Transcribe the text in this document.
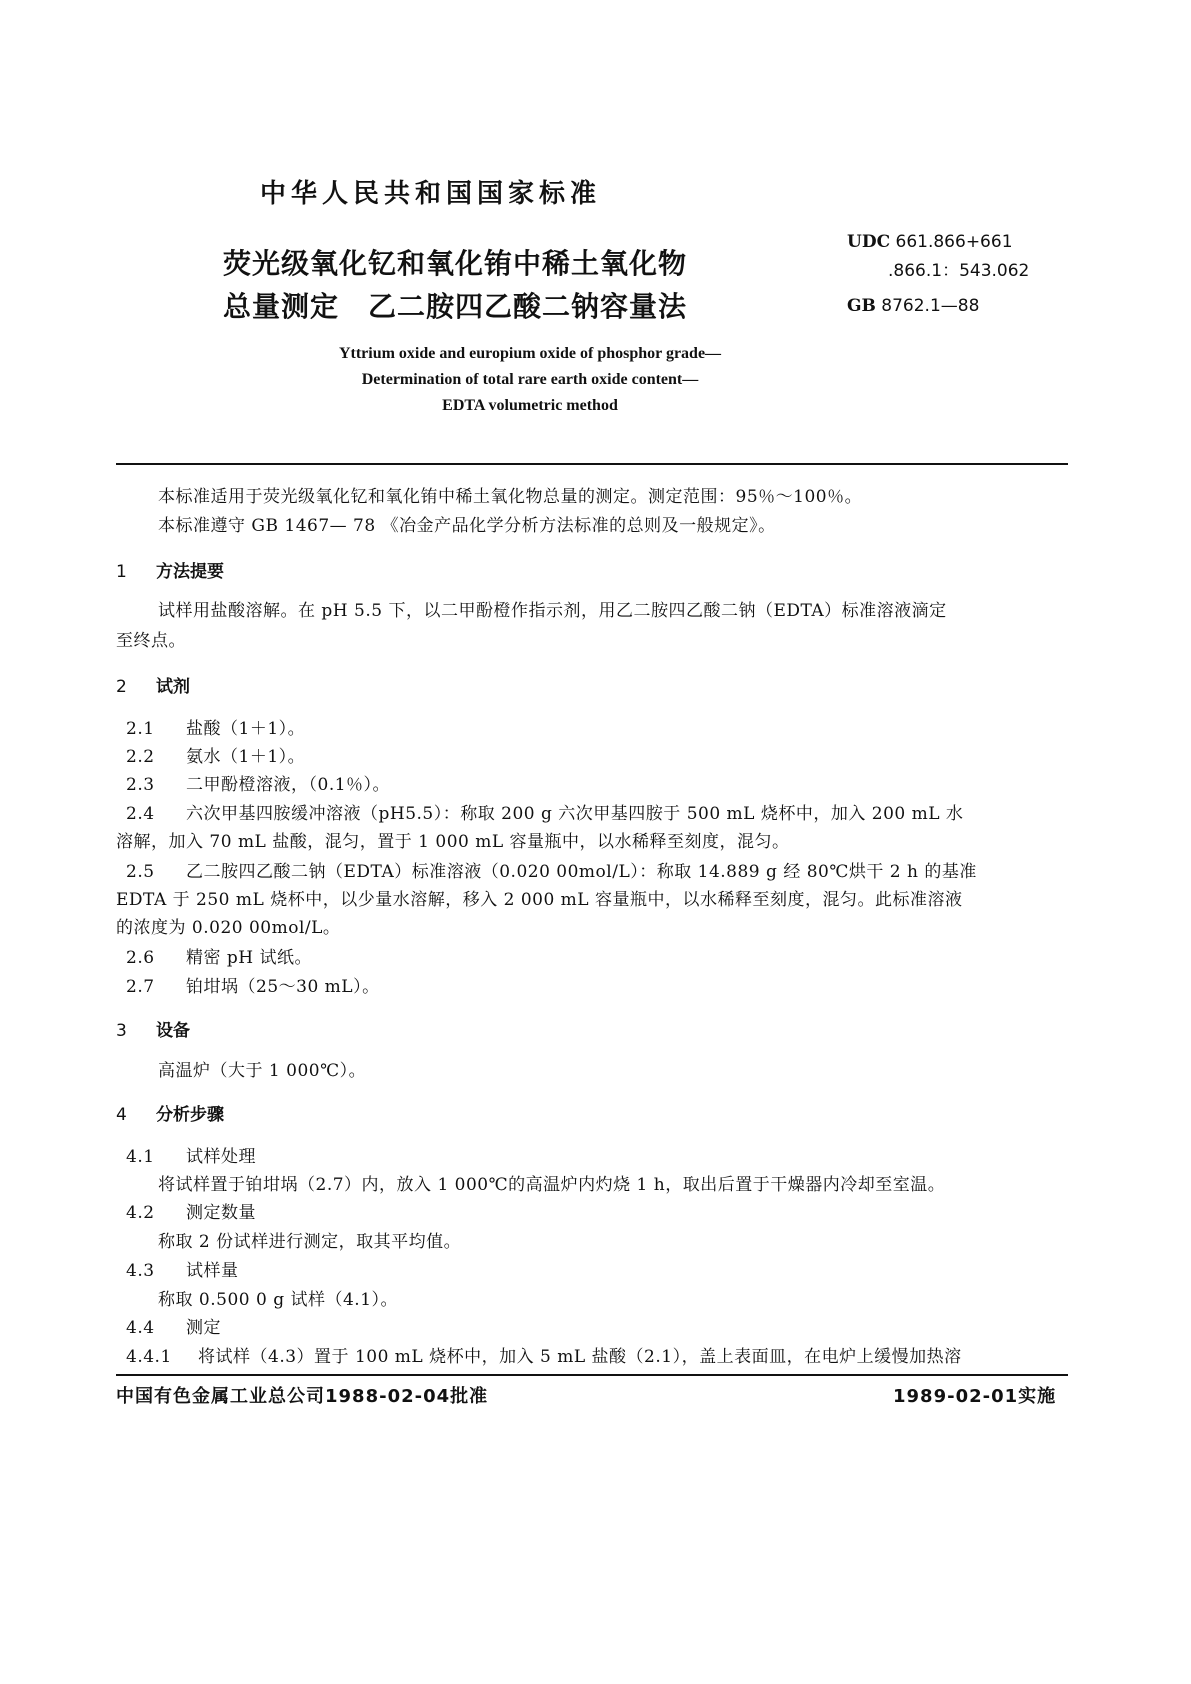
中华人民共和国国家标准
荧光级氧化钇和氧化铕中稀土氧化物
总量测定　乙二胺四乙酸二钠容量法
UDC 661.866+661
.866.1：543.062
GB 8762.1—88
Yttrium oxide and europium oxide of phosphor grade—
Determination of total rare earth oxide content—
EDTA volumetric method
本标准适用于荧光级氧化钇和氧化铕中稀土氧化物总量的测定。测定范围：95％～100％。
本标准遵守 GB 1467— 78 《冶金产品化学分析方法标准的总则及一般规定》。
1 方法提要
试样用盐酸溶解。在 pH 5.5 下，以二甲酚橙作指示剂，用乙二胺四乙酸二钠（EDTA）标准溶液滴定
至终点。
2 试剂
2.1 盐酸（1＋1）。
2.2 氨水（1＋1）。
2.3 二甲酚橙溶液，（0.1％）。
2.4 六次甲基四胺缓冲溶液（pH5.5）：称取 200 g 六次甲基四胺于 500 mL 烧杯中，加入 200 mL 水
溶解，加入 70 mL 盐酸，混匀，置于 1 000 mL 容量瓶中，以水稀释至刻度，混匀。
2.5 乙二胺四乙酸二钠（EDTA）标准溶液（0.020 00mol/L）：称取 14.889 g 经 80℃烘干 2 h 的基准
EDTA 于 250 mL 烧杯中，以少量水溶解，移入 2 000 mL 容量瓶中，以水稀释至刻度，混匀。此标准溶液
的浓度为 0.020 00mol/L。
2.6 精密 pH 试纸。
2.7 铂坩埚（25～30 mL）。
3 设备
高温炉（大于 1 000℃）。
4 分析步骤
4.1 试样处理
将试样置于铂坩埚（2.7）内，放入 1 000℃的高温炉内灼烧 1 h，取出后置于干燥器内冷却至室温。
4.2 测定数量
称取 2 份试样进行测定，取其平均值。
4.3 试样量
称取 0.500 0 g 试样（4.1）。
4.4 测定
4.4.1 将试样（4.3）置于 100 mL 烧杯中，加入 5 mL 盐酸（2.1），盖上表面皿，在电炉上缓慢加热溶
中国有色金属工业总公司1988-02-04批准	1989-02-01实施
